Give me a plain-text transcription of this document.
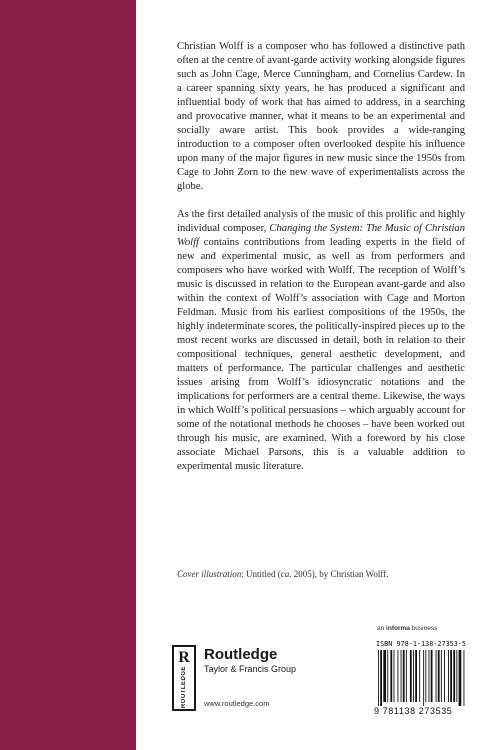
Christian Wolff is a composer who has followed a distinctive path often at the centre of avant-garde activity working alongside figures such as John Cage, Merce Cunningham, and Cornelius Cardew. In a career spanning sixty years, he has produced a significant and influential body of work that has aimed to address, in a searching and provocative manner, what it means to be an experimental and socially aware artist. This book provides a wide-ranging introduction to a composer often overlooked despite his influence upon many of the major figures in new music since the 1950s from Cage to John Zorn to the new wave of experimentalists across the globe.

As the first detailed analysis of the music of this prolific and highly individual composer, Changing the System: The Music of Christian Wolff contains contributions from leading experts in the field of new and experimental music, as well as from performers and composers who have worked with Wolff. The reception of Wolff’s music is discussed in relation to the European avant-garde and also within the context of Wolff’s association with Cage and Morton Feldman. Music from his earliest compositions of the 1950s, the highly indeterminate scores, the politically-inspired pieces up to the most recent works are discussed in detail, both in relation to their compositional techniques, general aesthetic development, and matters of performance. The particular challenges and aesthetic issues arising from Wolff’s idiosyncratic notations and the implications for performers are a central theme. Likewise, the ways in which Wolff’s political persuasions – which arguably account for some of the notational methods he chooses – have been worked out through his music, are examined. With a foreword by his close associate Michael Parsons, this is a valuable addition to experimental music literature.

Cover illustration: Untitled (ca. 2005), by Christian Wolff.
an informa business
R
ROUTLEDGE
Routledge
Taylor & Francis Group
www.routledge.com
ISBN 978-1-138-27353-5
9 781138 273535
